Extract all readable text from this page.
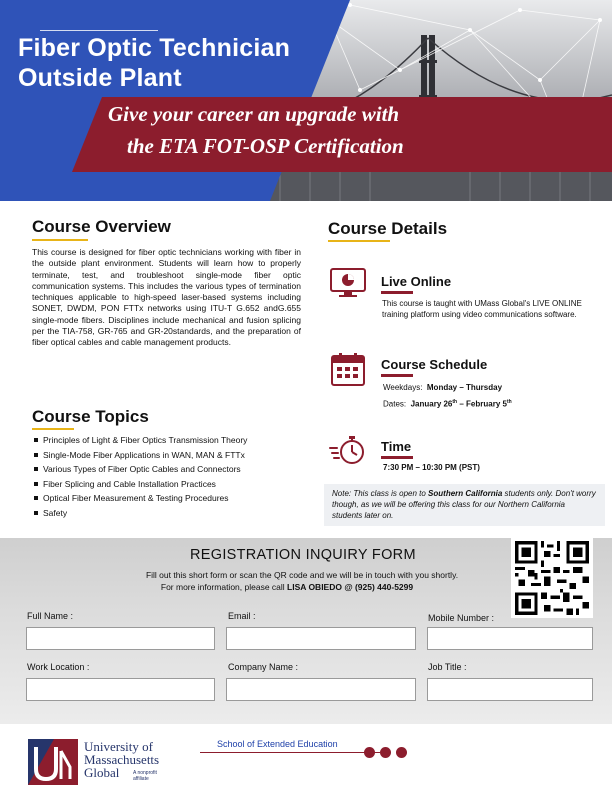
Fiber Optic Technician
Outside Plant
Give your career an upgrade with
the ETA FOT-OSP Certification
Course Overview

This course is designed for fiber optic technicians working with fiber in the outside plant environment. Students will learn how to properly terminate, test, and troubleshoot single-mode fiber optic communication systems. This includes the various types of termination techniques applicable to high-speed laser-based systems including SONET, DWDM, PON FTTx networks using ITU-T G.652 andG.655 single-mode fibers. Disciplines include mechanical and fusion splicing per the TIA-758, GR-765 and GR-20standards, and the preparation of fiber optical cables and cable management products.

Course Topics
Principles of Light & Fiber Optics Transmission Theory
Single-Mode Fiber Applications in WAN, MAN & FTTx
Various Types of Fiber Optic Cables and Connectors
Fiber Splicing and Cable Installation Practices
Optical Fiber Measurement & Testing Procedures
Safety
Course Details
Live Online

This course is taught with UMass Global's LIVE ONLINE training platform using video communications software.

Course Schedule
Weekdays: Monday – Thursday
Dates: January 26th – February 5th
Time
7:30 PM – 10:30 PM (PST)
Note: This class is open to Southern California students only. Don't worry though, as we will be offering this class for our Northern California students later on.
REGISTRATION INQUIRY FORM
Fill out this short form or scan the QR code and we will be in touch with you shortly.
For more information, please call LISA OBIEDO @ (925) 440-5299
Full Name :	Email :	Mobile Number :
Work Location :	Company Name :	Job Title :
University of
Massachusetts
Global	A nonprofit affiliate
School of Extended Education
